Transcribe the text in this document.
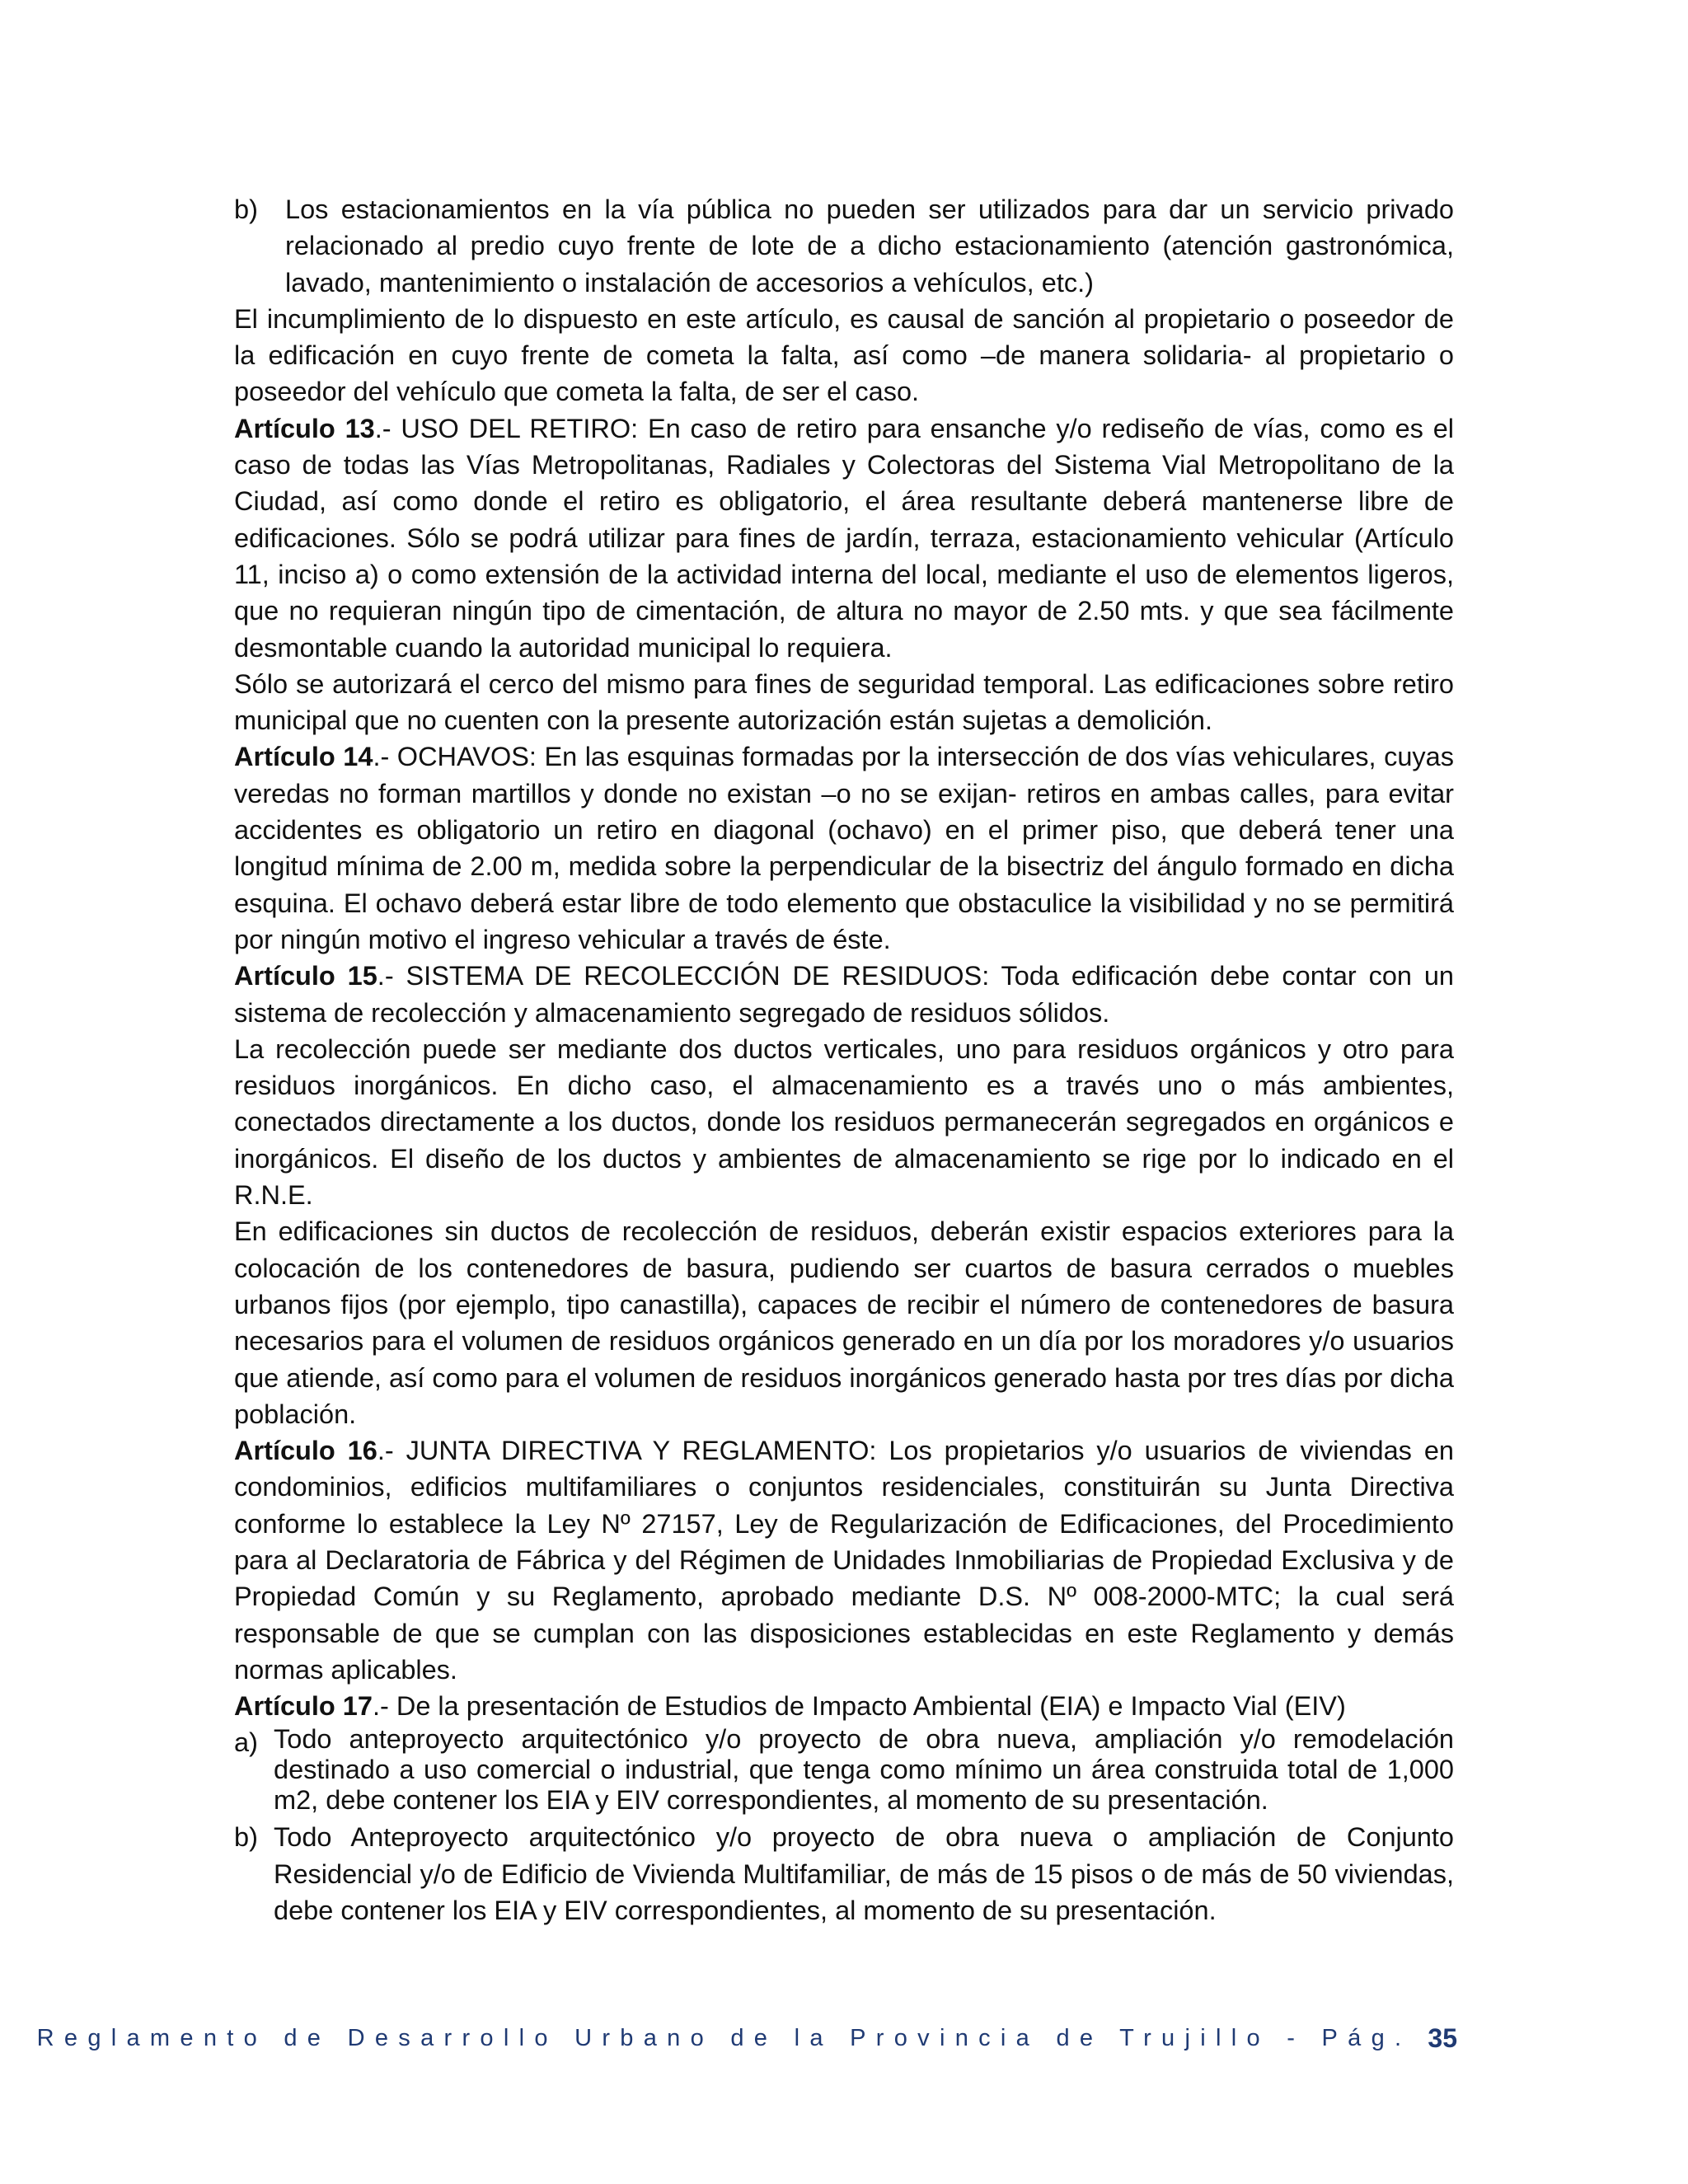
b)	Los estacionamientos en la vía pública no pueden ser utilizados para dar un servicio privado relacionado al predio cuyo frente de lote de a dicho estacionamiento (atención gastronómica, lavado, mantenimiento o instalación de accesorios a vehículos, etc.)

El incumplimiento de lo dispuesto en este artículo, es causal de sanción al propietario o poseedor de la edificación en cuyo frente de cometa la falta, así como –de manera solidaria- al propietario o poseedor del vehículo que cometa la falta, de ser el caso.

Artículo 13.- USO DEL RETIRO: En caso de retiro para ensanche y/o rediseño de vías, como es el caso de todas las Vías Metropolitanas, Radiales y Colectoras del Sistema Vial Metropolitano de la Ciudad, así como donde el retiro es obligatorio, el área resultante deberá mantenerse libre de edificaciones. Sólo se podrá utilizar para fines de jardín, terraza, estacionamiento vehicular (Artículo 11, inciso a) o como extensión de la actividad interna del local, mediante el uso de elementos ligeros, que no requieran ningún tipo de cimentación, de altura no mayor de 2.50 mts. y que sea fácilmente desmontable cuando la autoridad municipal lo requiera.

Sólo se autorizará el cerco del mismo para fines de seguridad temporal. Las edificaciones sobre retiro municipal que no cuenten con la presente autorización están sujetas a demolición.

Artículo 14.- OCHAVOS: En las esquinas formadas por la intersección de dos vías vehiculares, cuyas veredas no forman martillos y donde no existan –o no se exijan- retiros en ambas calles, para evitar accidentes es obligatorio un retiro en diagonal (ochavo) en el primer piso, que deberá tener una longitud mínima de 2.00 m, medida sobre la perpendicular de la bisectriz del ángulo formado en dicha esquina. El ochavo deberá estar libre de todo elemento que obstaculice la visibilidad y no se permitirá por ningún motivo el ingreso vehicular a través de éste.

Artículo 15.- SISTEMA DE RECOLECCIÓN DE RESIDUOS: Toda edificación debe contar con un sistema de recolección y almacenamiento segregado de residuos sólidos.

La recolección puede ser mediante dos ductos verticales, uno para residuos orgánicos y otro para residuos inorgánicos. En dicho caso, el almacenamiento es a través uno o más ambientes, conectados directamente a los ductos, donde los residuos permanecerán segregados en orgánicos e inorgánicos. El diseño de los ductos y ambientes de almacenamiento se rige por lo indicado en el R.N.E.

En edificaciones sin ductos de recolección de residuos, deberán existir espacios exteriores para la colocación de los contenedores de basura, pudiendo ser cuartos de basura cerrados o muebles urbanos fijos (por ejemplo, tipo canastilla), capaces de recibir el número de contenedores de basura necesarios para el volumen de residuos orgánicos generado en un día por los moradores y/o usuarios que atiende, así como para el volumen de residuos inorgánicos generado hasta por tres días por dicha población.

Artículo 16.- JUNTA DIRECTIVA Y REGLAMENTO: Los propietarios y/o usuarios de viviendas en condominios, edificios multifamiliares o conjuntos residenciales, constituirán su Junta Directiva conforme lo establece la Ley Nº 27157, Ley de Regularización de Edificaciones, del Procedimiento para al Declaratoria de Fábrica y del Régimen de Unidades Inmobiliarias de Propiedad Exclusiva y de Propiedad Común y su Reglamento, aprobado mediante D.S. Nº 008-2000-MTC; la cual será responsable de que se cumplan con las disposiciones establecidas en este Reglamento y demás normas aplicables.

Artículo 17.- De la presentación de Estudios de Impacto Ambiental (EIA) e Impacto Vial (EIV)

a) Todo anteproyecto arquitectónico y/o proyecto de obra nueva, ampliación y/o remodelación destinado a uso comercial o industrial, que tenga como mínimo un área construida total de 1,000 m2, debe contener los EIA y EIV correspondientes, al momento de su presentación.
b) Todo Anteproyecto arquitectónico y/o proyecto de obra nueva o ampliación de Conjunto Residencial y/o de Edificio de Vivienda Multifamiliar, de más de 15 pisos o de más de 50 viviendas, debe contener los EIA y EIV correspondientes, al momento de su presentación.
Reglamento de Desarrollo Urbano de la Provincia de Trujillo - Pág. 35
